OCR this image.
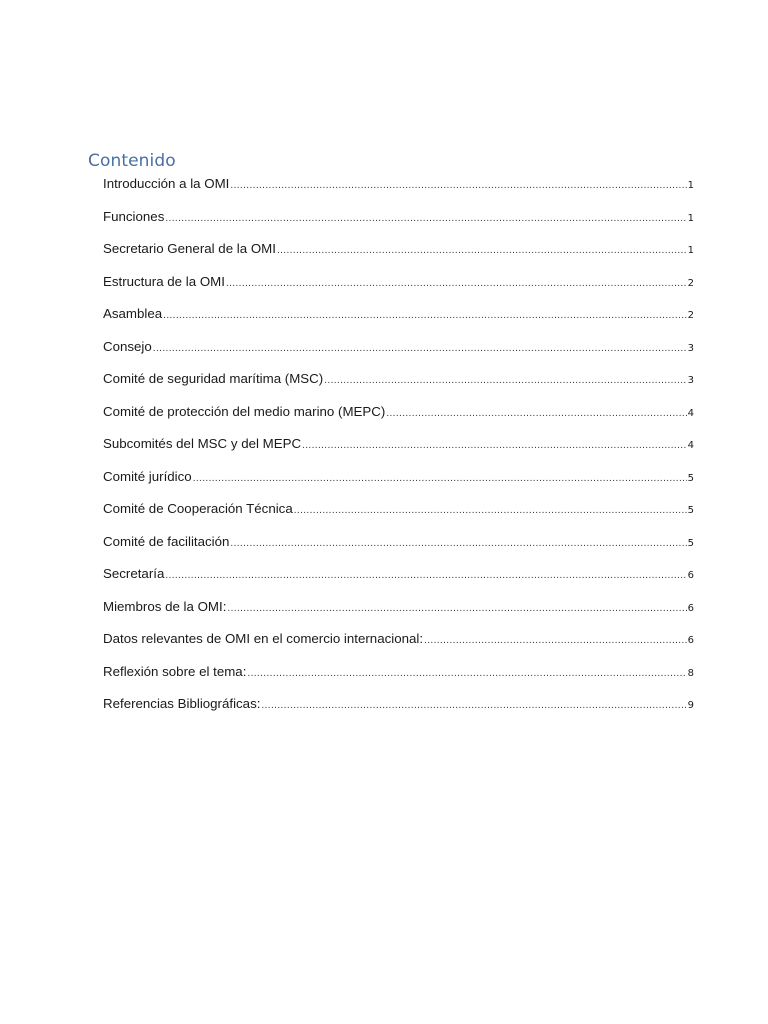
Contenido
Introducción a la OMI .....	1
Funciones .....	1
Secretario General de la OMI .....	1
Estructura de la OMI .....	2
Asamblea .....	2
Consejo .....	3
Comité de seguridad marítima (MSC) .....	3
Comité de protección del medio marino (MEPC) .....	4
Subcomités del MSC y del MEPC .....	4
Comité jurídico .....	5
Comité de Cooperación Técnica .....	5
Comité de facilitación .....	5
Secretaría .....	6
Miembros de la OMI: .....	6
Datos relevantes de OMI en el comercio internacional: .....	6
Reflexión sobre el tema: .....	8
Referencias Bibliográficas: .....	9
